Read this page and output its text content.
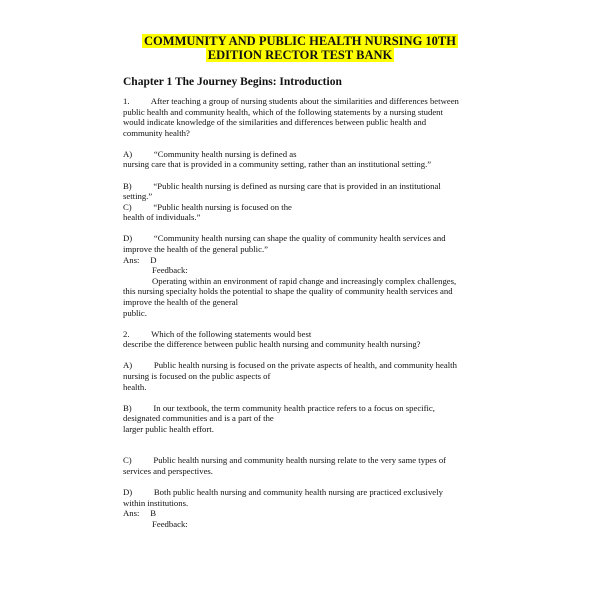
COMMUNITY AND PUBLIC HEALTH NURSING 10TH
EDITION RECTOR TEST BANK
Chapter 1 The Journey Begins: Introduction
1.          After teaching a group of nursing students about the similarities and differences between
public health and community health, which of the following statements by a nursing student
would indicate knowledge of the similarities and differences between public health and
community health?
A)          “Community health nursing is defined as
nursing care that is provided in a community setting, rather than an institutional setting.”
B)          “Public health nursing is defined as nursing care that is provided in an institutional
setting.”
C)          “Public health nursing is focused on the
health of individuals.”
D)          “Community health nursing can shape the quality of community health services and
improve the health of the general public.”
Ans:     D
Feedback:
Operating within an environment of rapid change and increasingly complex challenges,
this nursing specialty holds the potential to shape the quality of community health services and
improve the health of the general
public.
2.          Which of the following statements would best
describe the difference between public health nursing and community health nursing?
A)          Public health nursing is focused on the private aspects of health, and community health
nursing is focused on the public aspects of
health.
B)          In our textbook, the term community health practice refers to a focus on specific,
designated communities and is a part of the
larger public health effort.
C)          Public health nursing and community health nursing relate to the very same types of
services and perspectives.
D)          Both public health nursing and community health nursing are practiced exclusively
within institutions.
Ans:     B
Feedback:
